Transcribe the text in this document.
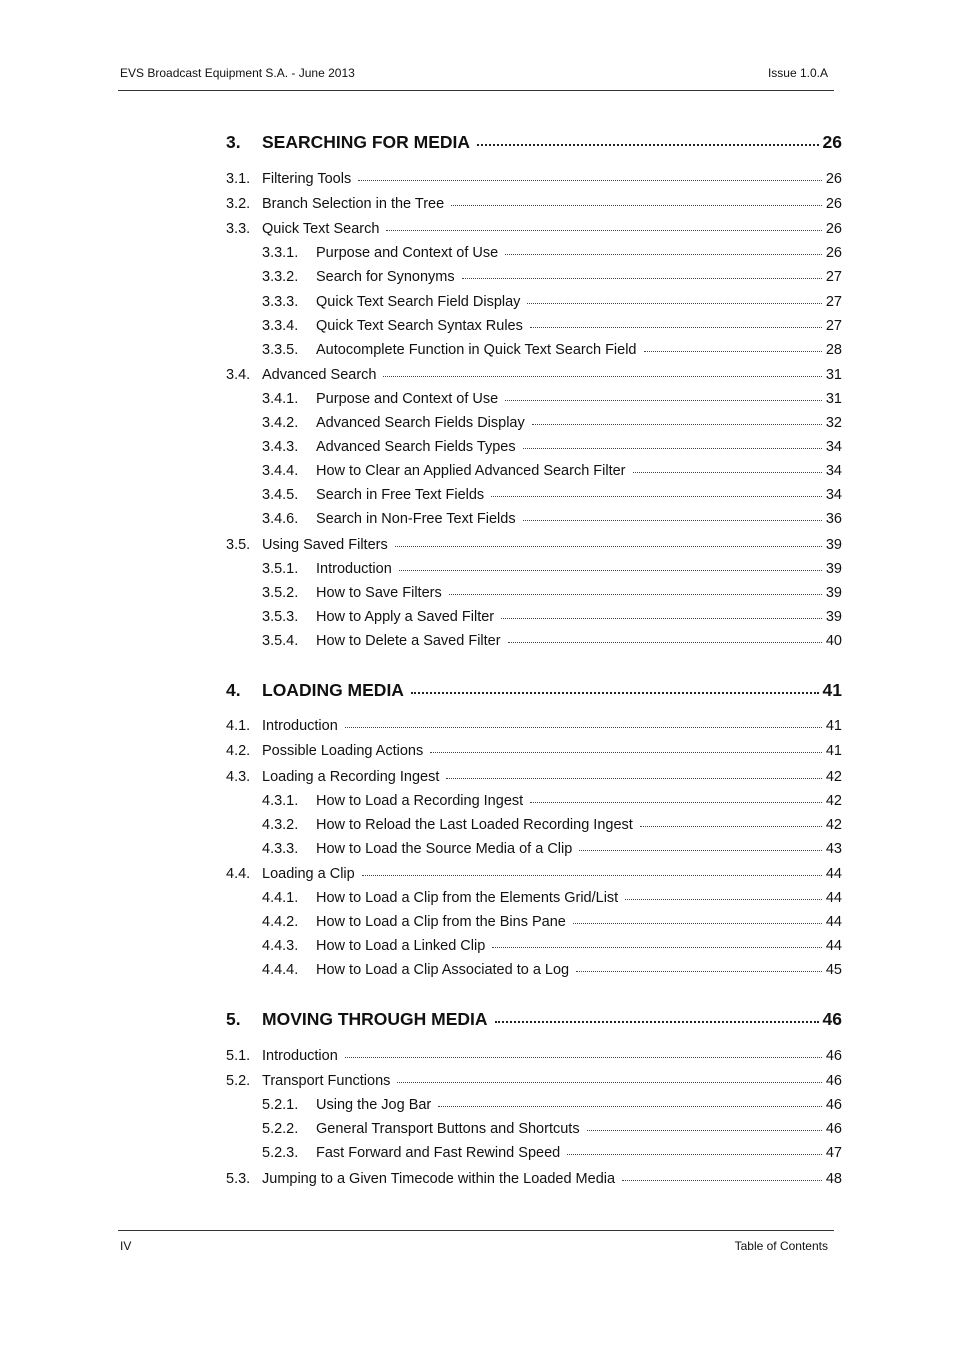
EVS Broadcast Equipment S.A. - June 2013	Issue 1.0.A
3.	SEARCHING FOR MEDIA	26
3.1. Filtering Tools	26
3.2. Branch Selection in the Tree	26
3.3. Quick Text Search	26
3.3.1.	Purpose and Context of Use	26
3.3.2.	Search for Synonyms	27
3.3.3.	Quick Text Search Field Display	27
3.3.4.	Quick Text Search Syntax Rules	27
3.3.5.	Autocomplete Function in Quick Text Search Field	28
3.4. Advanced Search	31
3.4.1.	Purpose and Context of Use	31
3.4.2.	Advanced Search Fields Display	32
3.4.3.	Advanced Search Fields Types	34
3.4.4.	How to Clear an Applied Advanced Search Filter	34
3.4.5.	Search in Free Text Fields	34
3.4.6.	Search in Non-Free Text Fields	36
3.5. Using Saved Filters	39
3.5.1.	Introduction	39
3.5.2.	How to Save Filters	39
3.5.3.	How to Apply a Saved Filter	39
3.5.4.	How to Delete a Saved Filter	40
4.	LOADING MEDIA	41
4.1. Introduction	41
4.2. Possible Loading Actions	41
4.3. Loading a Recording Ingest	42
4.3.1.	How to Load a Recording Ingest	42
4.3.2.	How to Reload the Last Loaded Recording Ingest	42
4.3.3.	How to Load the Source Media of a Clip	43
4.4. Loading a Clip	44
4.4.1.	How to Load a Clip from the Elements Grid/List	44
4.4.2.	How to Load a Clip from the Bins Pane	44
4.4.3.	How to Load a Linked Clip	44
4.4.4.	How to Load a Clip Associated to a Log	45
5.	MOVING THROUGH MEDIA	46
5.1. Introduction	46
5.2. Transport Functions	46
5.2.1.	Using the Jog Bar	46
5.2.2.	General Transport Buttons and Shortcuts	46
5.2.3.	Fast Forward and Fast Rewind Speed	47
5.3. Jumping to a Given Timecode within the Loaded Media	48
IV	Table of Contents
